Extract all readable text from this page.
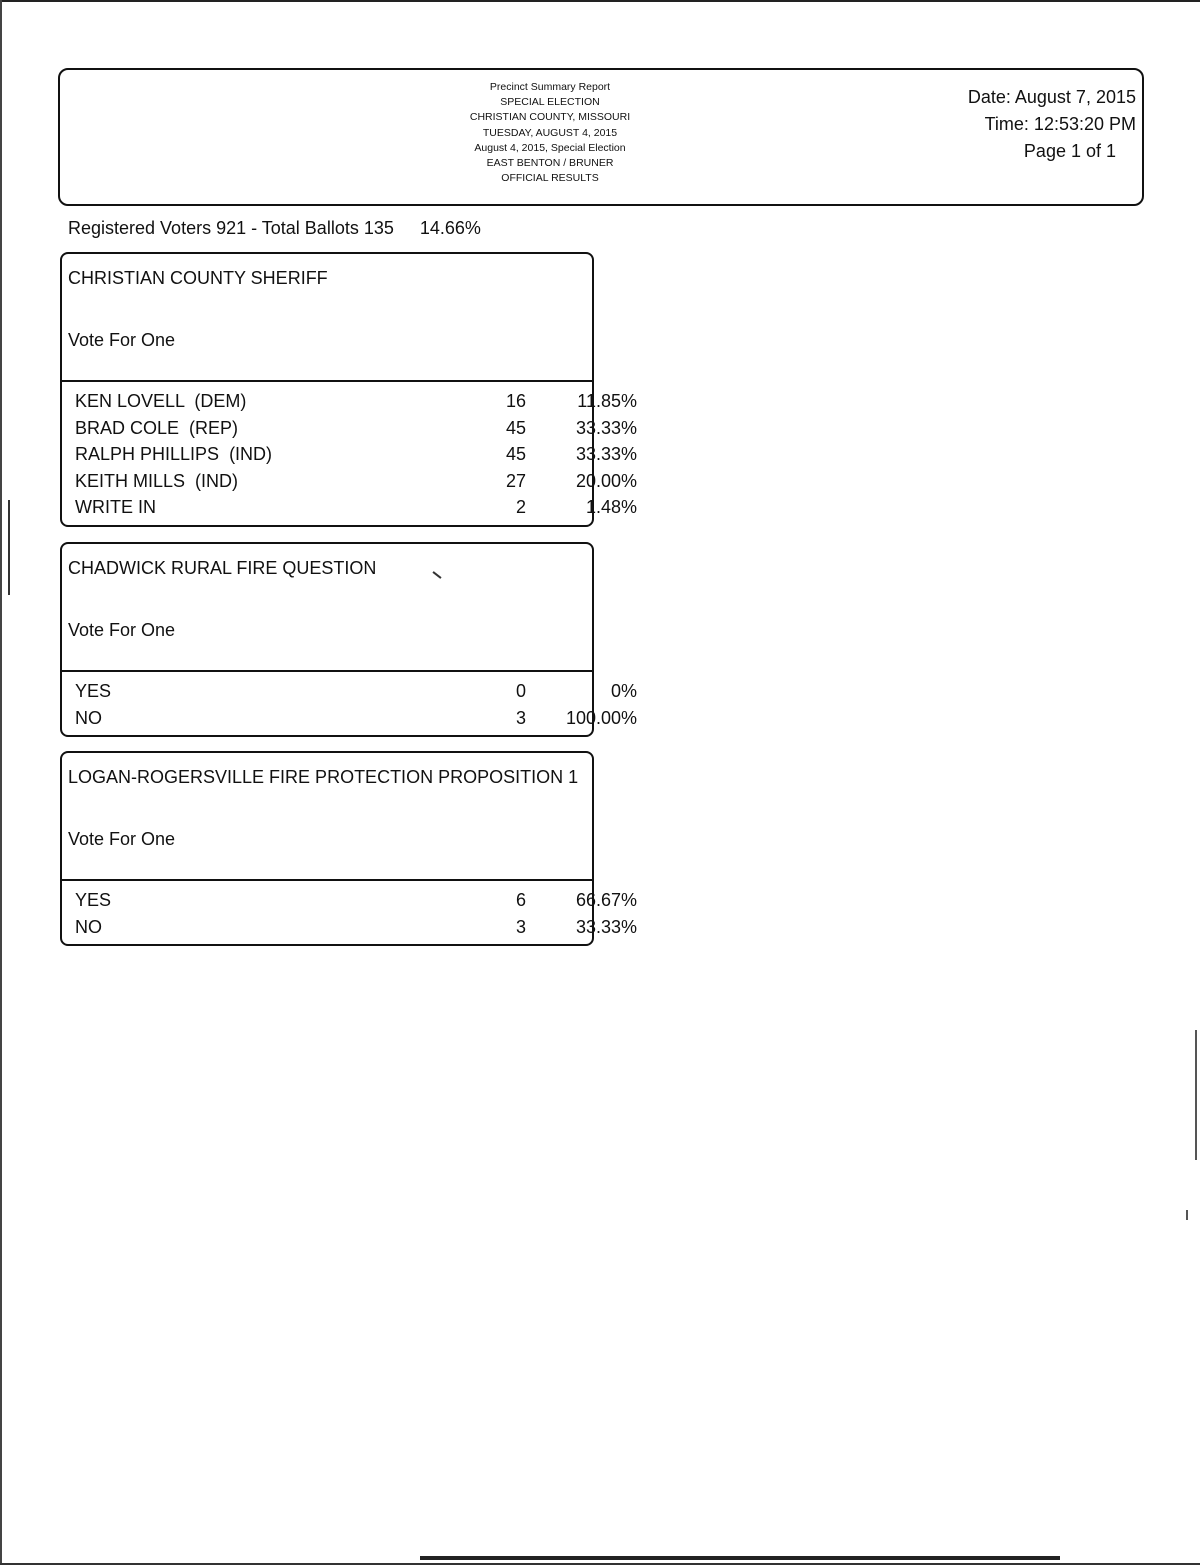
Precinct Summary Report
SPECIAL ELECTION
CHRISTIAN COUNTY, MISSOURI
TUESDAY, AUGUST 4, 2015
August 4, 2015, Special Election
EAST BENTON / BRUNER
OFFICIAL RESULTS
Date: August 7, 2015
Time: 12:53:20 PM
Page 1 of 1
Registered Voters 921 - Total Ballots 135 14.66%
CHRISTIAN COUNTY SHERIFF
Vote For One
KEN LOVELL  (DEM)	16	11.85%
BRAD COLE  (REP)	45	33.33%
RALPH PHILLIPS  (IND)	45	33.33%
KEITH MILLS  (IND)	27	20.00%
WRITE IN	2	1.48%
CHADWICK RURAL FIRE QUESTION
Vote For One
YES	0	0%
NO	3	100.00%
LOGAN-ROGERSVILLE FIRE PROTECTION PROPOSITION 1
Vote For One
YES	6	66.67%
NO	3	33.33%
